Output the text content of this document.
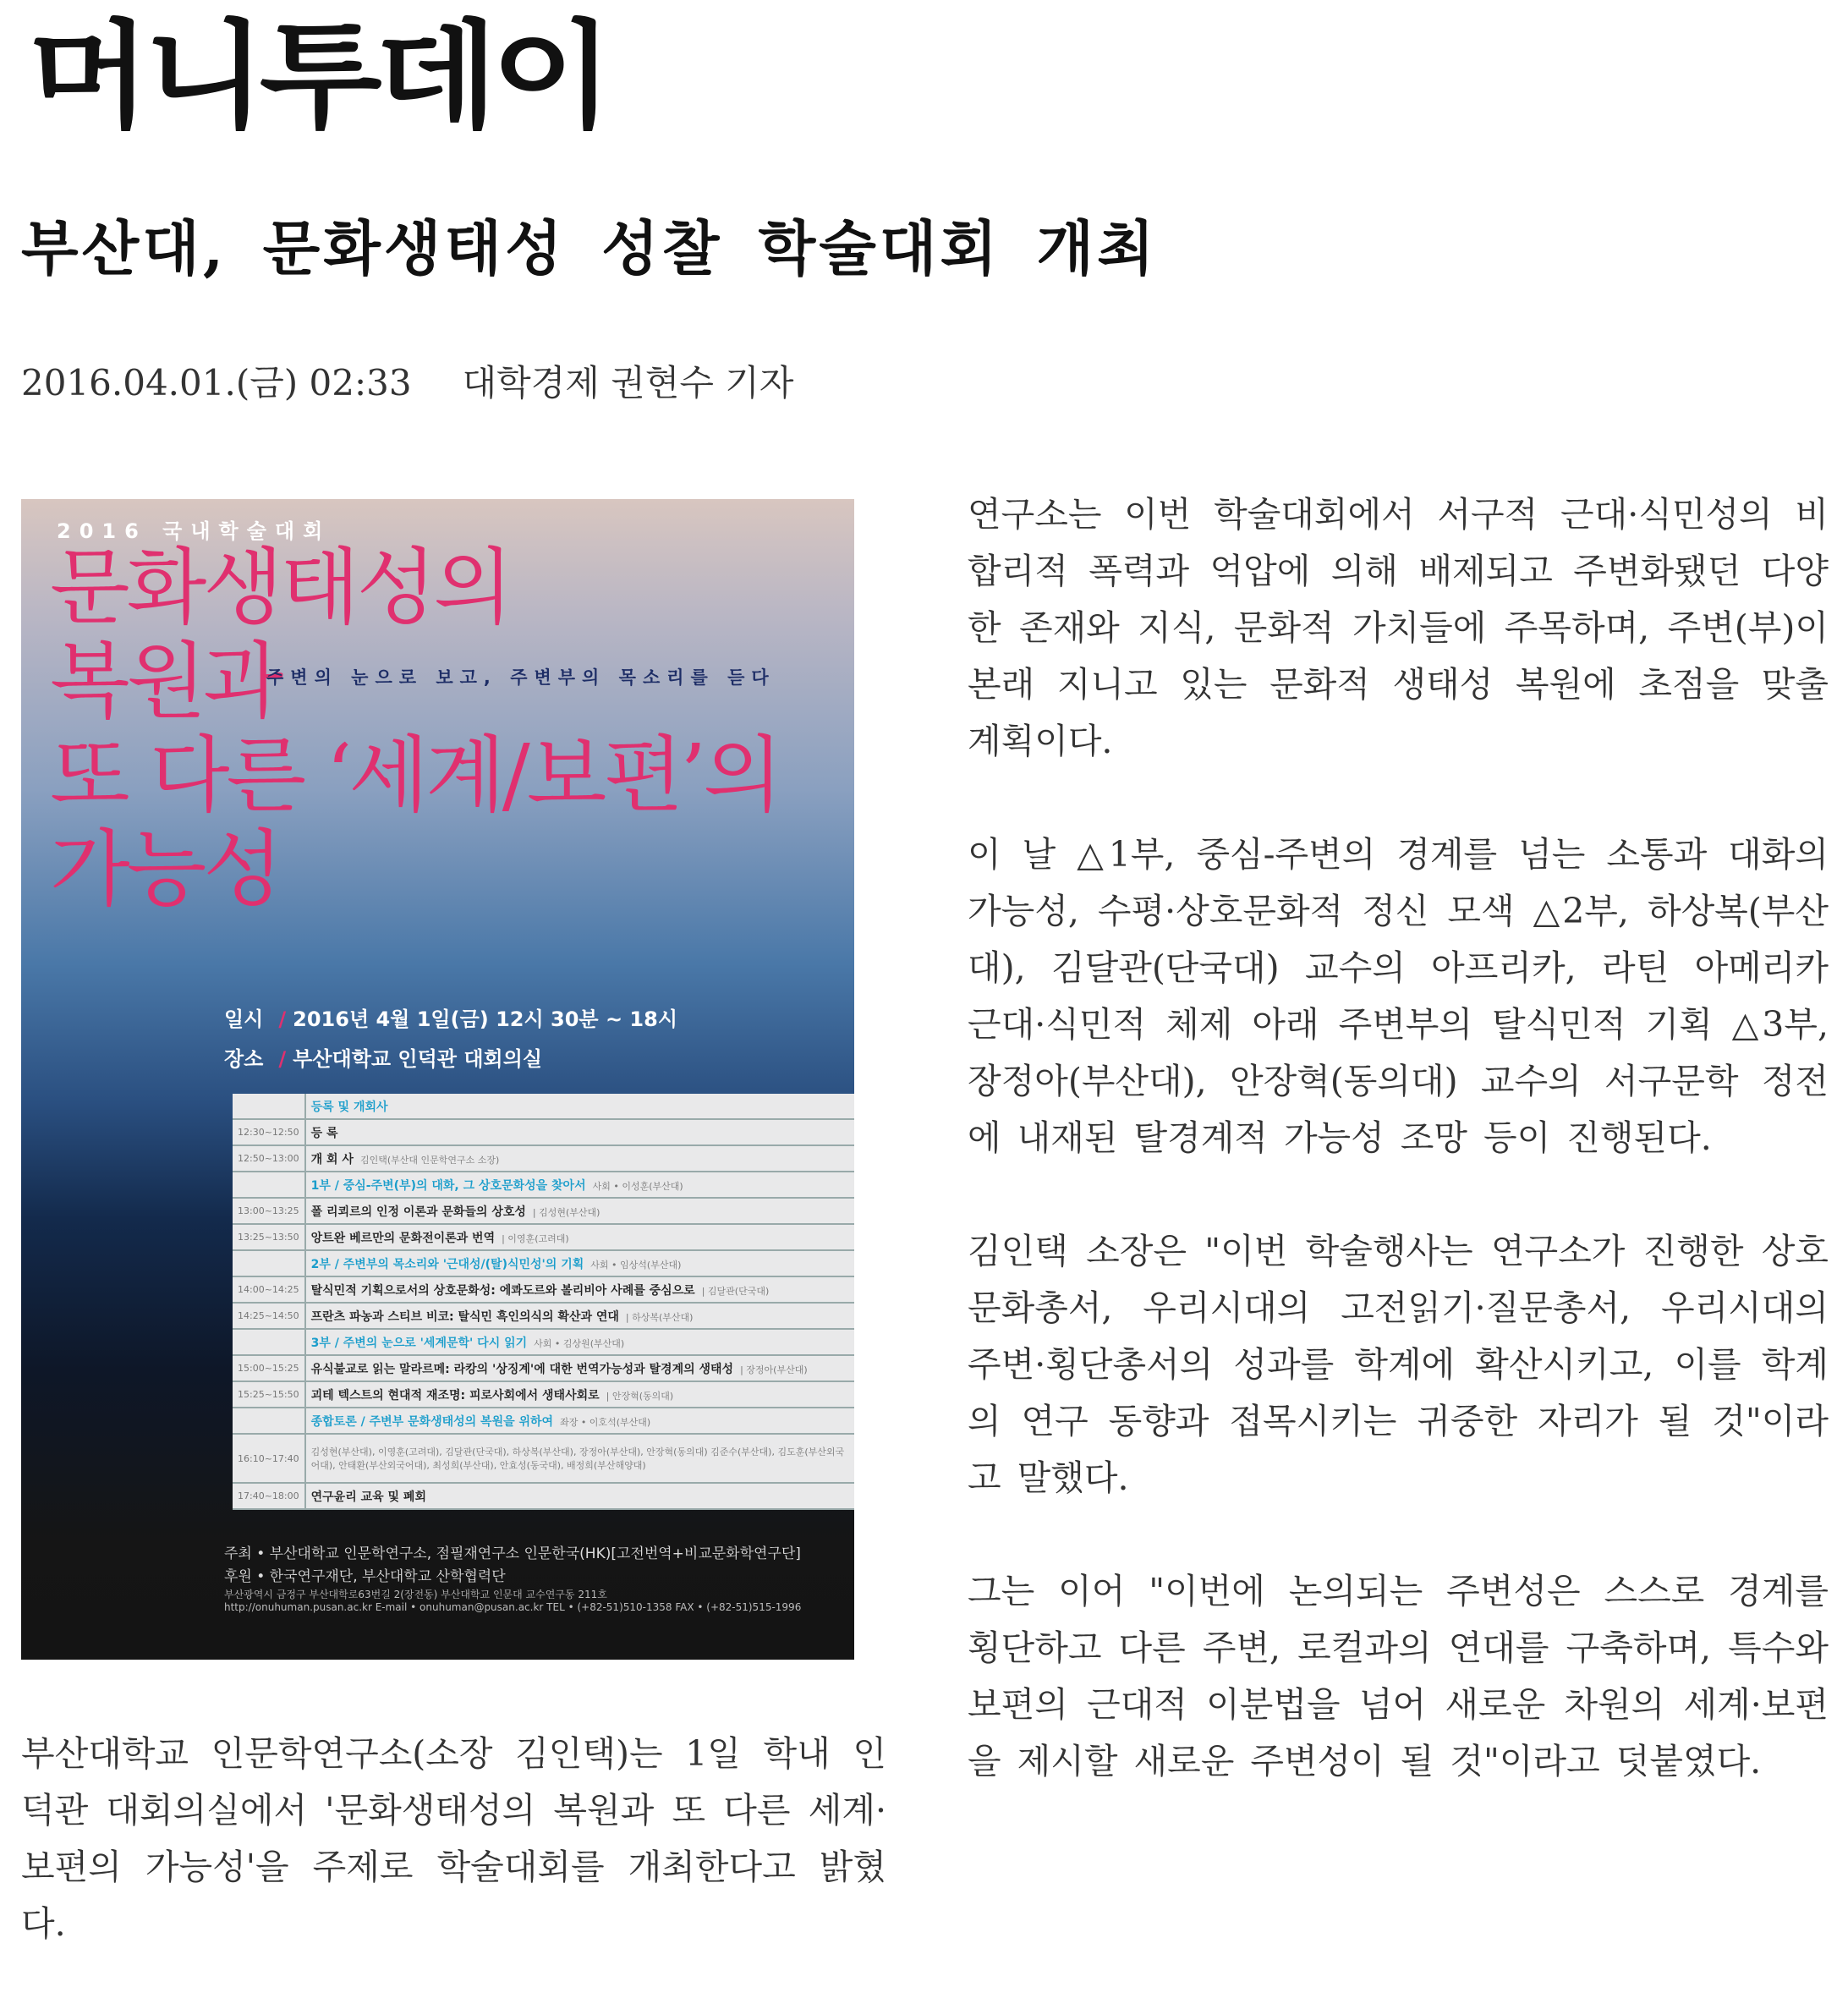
머니투데이
부산대, 문화생태성 성찰 학술대회 개최
2016.04.01.(금) 02:33 대학경제 권현수 기자
2016 국내학술대회
문화생태성의
복원과
또 다른 ‘세계/보편’의
가능성
주변의 눈으로 보고, 주변부의 목소리를 듣다
일시 / 2016년 4월 1일(금) 12시 30분 ~ 18시
장소 / 부산대학교 인덕관 대회의실
	등록 및 개회사
12:30~12:50	등 록
12:50~13:00	개 회 사 김인택(부산대 인문학연구소 소장)
	1부 / 중심-주변(부)의 대화, 그 상호문화성을 찾아서 사회 • 이성훈(부산대)
13:00~13:25	폴 리쾨르의 인정 이론과 문화들의 상호성 | 김성현(부산대)
13:25~13:50	앙트완 베르만의 문화전이론과 번역 | 이영훈(고려대)
	2부 / 주변부의 목소리와 '근대성/(탈)식민성'의 기획 사회 • 임상석(부산대)
14:00~14:25	탈식민적 기획으로서의 상호문화성: 에콰도르와 볼리비아 사례를 중심으로 | 김달관(단국대)
14:25~14:50	프란츠 파농과 스티브 비코: 탈식민 흑인의식의 확산과 연대 | 하상복(부산대)
	3부 / 주변의 눈으로 '세계문학' 다시 읽기 사회 • 김상원(부산대)
15:00~15:25	유식불교로 읽는 말라르메: 라캉의 '상징계'에 대한 번역가능성과 탈경계의 생태성 | 장정아(부산대)
15:25~15:50	괴테 텍스트의 현대적 재조명: 피로사회에서 생태사회로 | 안장혁(동의대)
	종합토론 / 주변부 문화생태성의 복원을 위하여 좌장 • 이호석(부산대)
16:10~17:40	김성현(부산대), 이영훈(고려대), 김달관(단국대), 하상복(부산대), 장정아(부산대), 안장혁(동의대) 김준수(부산대), 김도훈(부산외국어대), 안태환(부산외국어대), 최성희(부산대), 안효성(동국대), 배정희(부산해양대)
17:40~18:00	연구윤리 교육 및 폐회
주최 • 부산대학교 인문학연구소, 점필재연구소 인문한국(HK)[고전번역+비교문화학연구단]
후원 • 한국연구재단, 부산대학교 산학협력단
부산광역시 금정구 부산대학로63번길 2(장전동) 부산대학교 인문대 교수연구동 211호
http://onuhuman.pusan.ac.kr E-mail • onuhuman@pusan.ac.kr TEL • (+82-51)510-1358 FAX • (+82-51)515-1996

부산대학교 인문학연구소(소장 김인택)는 1일 학내 인덕관 대회의실에서 '문화생태성의 복원과 또 다른 세계·보편의 가능성'을 주제로 학술대회를 개최한다고 밝혔다.

연구소는 이번 학술대회에서 서구적 근대·식민성의 비합리적 폭력과 억압에 의해 배제되고 주변화됐던 다양한 존재와 지식, 문화적 가치들에 주목하며, 주변(부)이 본래 지니고 있는 문화적 생태성 복원에 초점을 맞출 계획이다.

이 날 △1부, 중심-주변의 경계를 넘는 소통과 대화의 가능성, 수평·상호문화적 정신 모색 △2부, 하상복(부산대), 김달관(단국대) 교수의 아프리카, 라틴 아메리카 근대·식민적 체제 아래 주변부의 탈식민적 기획 △3부, 장정아(부산대), 안장혁(동의대) 교수의 서구문학 정전에 내재된 탈경계적 가능성 조망 등이 진행된다.

김인택 소장은 "이번 학술행사는 연구소가 진행한 상호문화총서, 우리시대의 고전읽기·질문총서, 우리시대의 주변·횡단총서의 성과를 학계에 확산시키고, 이를 학계의 연구 동향과 접목시키는 귀중한 자리가 될 것"이라고 말했다.

그는 이어 "이번에 논의되는 주변성은 스스로 경계를 횡단하고 다른 주변, 로컬과의 연대를 구축하며, 특수와 보편의 근대적 이분법을 넘어 새로운 차원의 세계·보편을 제시할 새로운 주변성이 될 것"이라고 덧붙였다.
